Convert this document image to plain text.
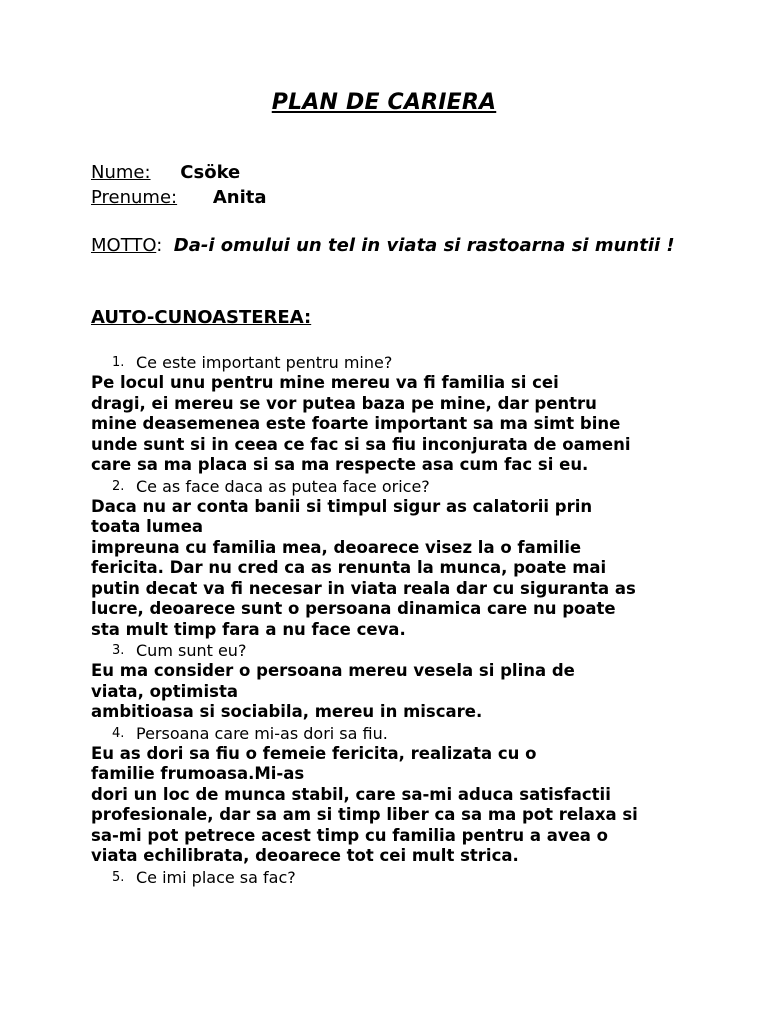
PLAN DE CARIERA
Nume: Csöke
Prenume: Anita
MOTTO: Da-i omului un tel in viata si rastoarna si muntii !
AUTO-CUNOASTEREA:
1. Ce este important pentru mine?
Pe locul unu pentru mine mereu va fi familia si cei
dragi, ei mereu se vor putea baza pe mine, dar pentru
mine deasemenea este foarte important sa ma simt bine
unde sunt si in ceea ce fac si sa fiu inconjurata de oameni
care sa ma placa si sa ma respecte asa cum fac si eu.
2. Ce as face daca as putea face orice?
Daca nu ar conta banii si timpul sigur as calatorii prin
toata lumea
impreuna cu familia mea, deoarece visez la o familie
fericita. Dar nu cred ca as renunta la munca, poate mai
putin decat va fi necesar in viata reala dar cu siguranta as
lucre, deoarece sunt o persoana dinamica care nu poate
sta mult timp fara a nu face ceva.
3. Cum sunt eu?
Eu ma consider o persoana mereu vesela si plina de
viata, optimista
ambitioasa si sociabila, mereu in miscare.
4. Persoana care mi-as dori sa fiu.
Eu as dori sa fiu o femeie fericita, realizata cu o
familie frumoasa.Mi-as
dori un loc de munca stabil, care sa-mi aduca satisfactii
profesionale, dar sa am si timp liber ca sa ma pot relaxa si
sa-mi pot petrece acest timp cu familia pentru a avea o
viata echilibrata, deoarece tot cei mult strica.
5. Ce imi place sa fac?
